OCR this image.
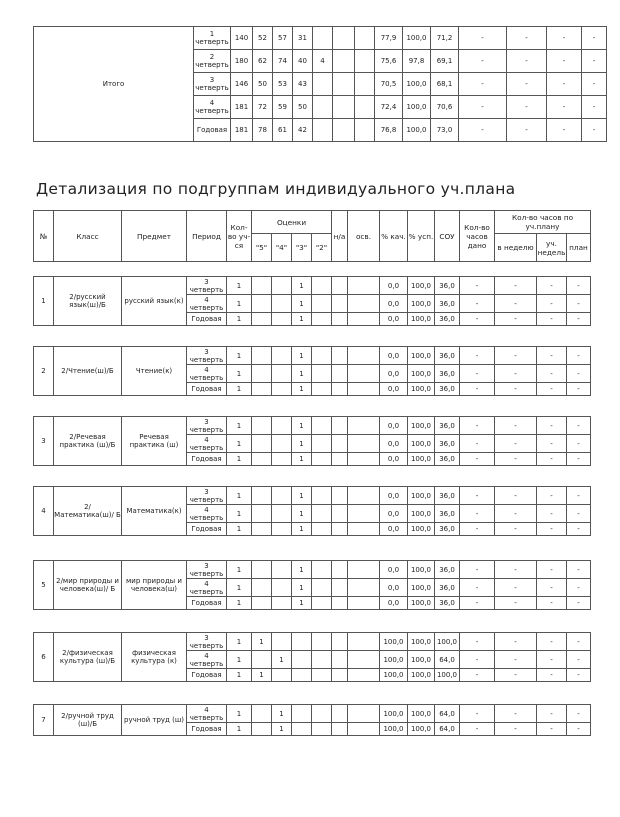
Итого	1 четверть	140	52	57	31				77,9	100,0	71,2	-	-	-	-
	2 четверть	180	62	74	40	4			75,6	97,8	69,1	-	-	-	-
	3 четверть	146	50	53	43				70,5	100,0	68,1	-	-	-	-
	4 четверть	181	72	59	50				72,4	100,0	70,6	-	-	-	-
	Годовая	181	78	61	42				76,8	100,0	73,0	-	-	-	-
Детализация по подгруппам индивидуального уч.плана
№	Класс	Предмет	Период	Кол-во уч-ся	Оценки				н/а	осв.	% кач.	% усп.	СОУ	Кол-во часов дано	Кол-во часов по уч.плану		
					"5"	"4"	"3"	"2"							в неделю	уч. недель	план

1	2/русский язык(ш)/Б	русский язык(к)	3 четверть	1			1				0,0	100,0	36,0	-	-	-	-
			4 четверть	1			1				0,0	100,0	36,0	-	-	-	-
			Годовая	1			1				0,0	100,0	36,0	-	-	-	-

2	2/Чтение(ш)/Б	Чтение(к)	3 четверть	1			1				0,0	100,0	36,0	-	-	-	-
			4 четверть	1			1				0,0	100,0	36,0	-	-	-	-
			Годовая	1			1				0,0	100,0	36,0	-	-	-	-

3	2/Речевая практика (ш)/Б	Речевая практика (ш)	3 четверть	1			1				0,0	100,0	36,0	-	-	-	-
			4 четверть	1			1				0,0	100,0	36,0	-	-	-	-
			Годовая	1			1				0,0	100,0	36,0	-	-	-	-

4	2/ Математика(ш)/ Б	Математика(к)	3 четверть	1			1				0,0	100,0	36,0	-	-	-	-
			4 четверть	1			1				0,0	100,0	36,0	-	-	-	-
			Годовая	1			1				0,0	100,0	36,0	-	-	-	-

5	2/мир природы и человека(ш)/ Б	мир природы и человека(ш)	3 четверть	1			1				0,0	100,0	36,0	-	-	-	-
			4 четверть	1			1				0,0	100,0	36,0	-	-	-	-
			Годовая	1			1				0,0	100,0	36,0	-	-	-	-

6	2/физическая культура (ш)/Б	физическая культура (к)	3 четверть	1	1						100,0	100,0	100,0	-	-	-	-
			4 четверть	1		1					100,0	100,0	64,0	-	-	-	-
			Годовая	1	1						100,0	100,0	100,0	-	-	-	-

7	2/ручной труд (ш)/Б	ручной труд (ш)	4 четверть	1		1					100,0	100,0	64,0	-	-	-	-
			Годовая	1		1					100,0	100,0	64,0	-	-	-	-
